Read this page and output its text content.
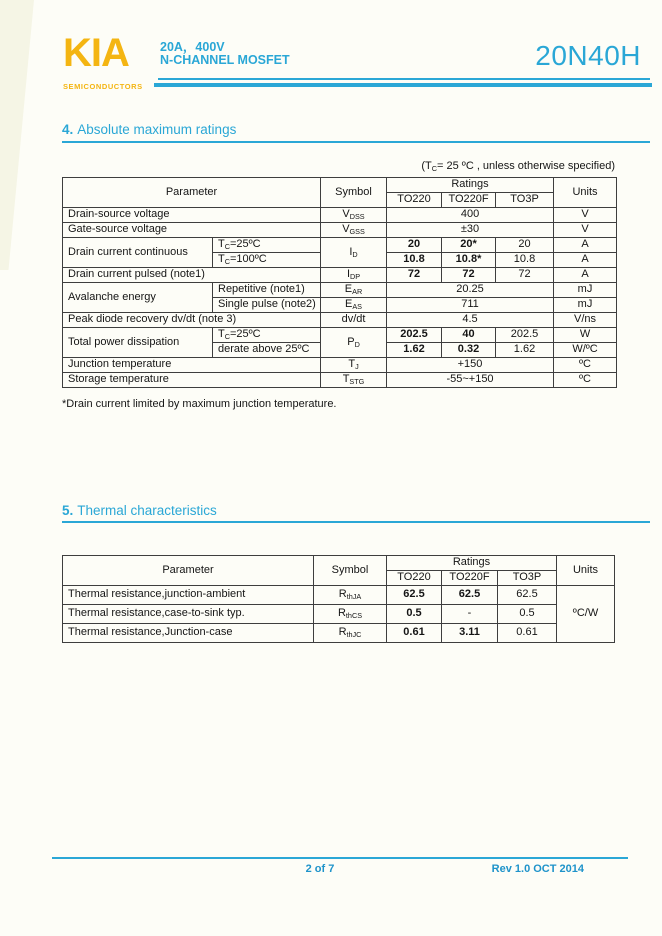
KIA
SEMICONDUCTORS
20A，400V
N-CHANNEL MOSFET	20N40H
4. Absolute maximum ratings
($T_C= 25$ ºC , unless otherwise specified)
Parameter		Symbol	Ratings			Units
			TO220	TO220F	TO3P	
Drain-source voltage		$V_{DSS}$	400			V
Gate-source voltage		$V_{GSS}$	±30			V
Drain current continuous	$T_C=25ºC$	$I_D$	20	20*	20	A
	$T_C=100ºC$		10.8	10.8*	10.8	A
Drain current pulsed (note1)		$I_{DP}$	72	72	72	A
Avalanche energy	Repetitive (note1)	$E_{AR}$	20.25			mJ
	Single pulse (note2)	$E_{AS}$	711			mJ
Peak diode recovery dv/dt (note 3)		dv/dt	4.5			V/ns
Total power dissipation	$T_C=25ºC$	$P_D$	202.5	40	202.5	W
	derate above 25ºC		1.62	0.32	1.62	W/ºC
Junction temperature		$T_J$	+150			ºC
Storage temperature		$T_{STG}$	-55~+150			ºC
*Drain current limited by maximum junction temperature.
5. Thermal characteristics
Parameter	Symbol	Ratings			Units
		TO220	TO220F	TO3P	
Thermal resistance,junction-ambient	$R_{thJA}$	62.5	62.5	62.5	ºC/W
Thermal resistance,case-to-sink typ.	$R_{thCS}$	0.5	-	0.5	
Thermal resistance,Junction-case	$R_{thJC}$	0.61	3.11	0.61	
2 of 7	Rev 1.0 OCT 2014
